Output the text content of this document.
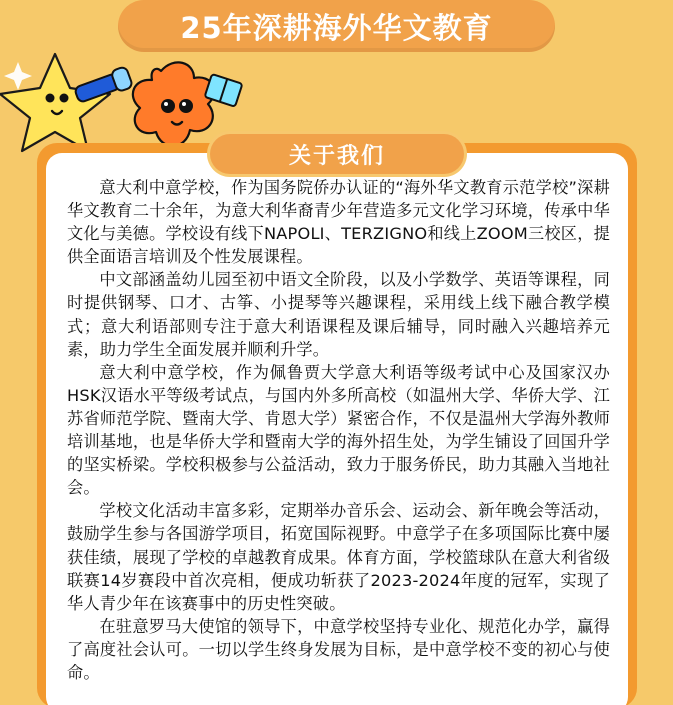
25年深耕海外华文教育
关于我们

意大利中意学校，作为国务院侨办认证的“海外华文教育示范学校”深耕华文教育二十余年，为意大利华裔青少年营造多元文化学习环境，传承中华文化与美德。学校设有线下NAPOLI、TERZIGNO和线上ZOOM三校区，提供全面语言培训及个性发展课程。

中文部涵盖幼儿园至初中语文全阶段，以及小学数学、英语等课程，同时提供钢琴、口才、古筝、小提琴等兴趣课程，采用线上线下融合教学模式；意大利语部则专注于意大利语课程及课后辅导，同时融入兴趣培养元素，助力学生全面发展并顺利升学。

意大利中意学校，作为佩鲁贾大学意大利语等级考试中心及国家汉办HSK汉语水平等级考试点，与国内外多所高校（如温州大学、华侨大学、江苏省师范学院、暨南大学、肯恩大学）紧密合作，不仅是温州大学海外教师培训基地，也是华侨大学和暨南大学的海外招生处，为学生铺设了回国升学的坚实桥梁。学校积极参与公益活动，致力于服务侨民，助力其融入当地社会。

学校文化活动丰富多彩，定期举办音乐会、运动会、新年晚会等活动，鼓励学生参与各国游学项目，拓宽国际视野。中意学子在多项国际比赛中屡获佳绩，展现了学校的卓越教育成果。体育方面，学校篮球队在意大利省级联赛14岁赛段中首次亮相，便成功斩获了2023-2024年度的冠军，实现了华人青少年在该赛事中的历史性突破。

在驻意罗马大使馆的领导下，中意学校坚持专业化、规范化办学，赢得了高度社会认可。一切以学生终身发展为目标，是中意学校不变的初心与使命。
